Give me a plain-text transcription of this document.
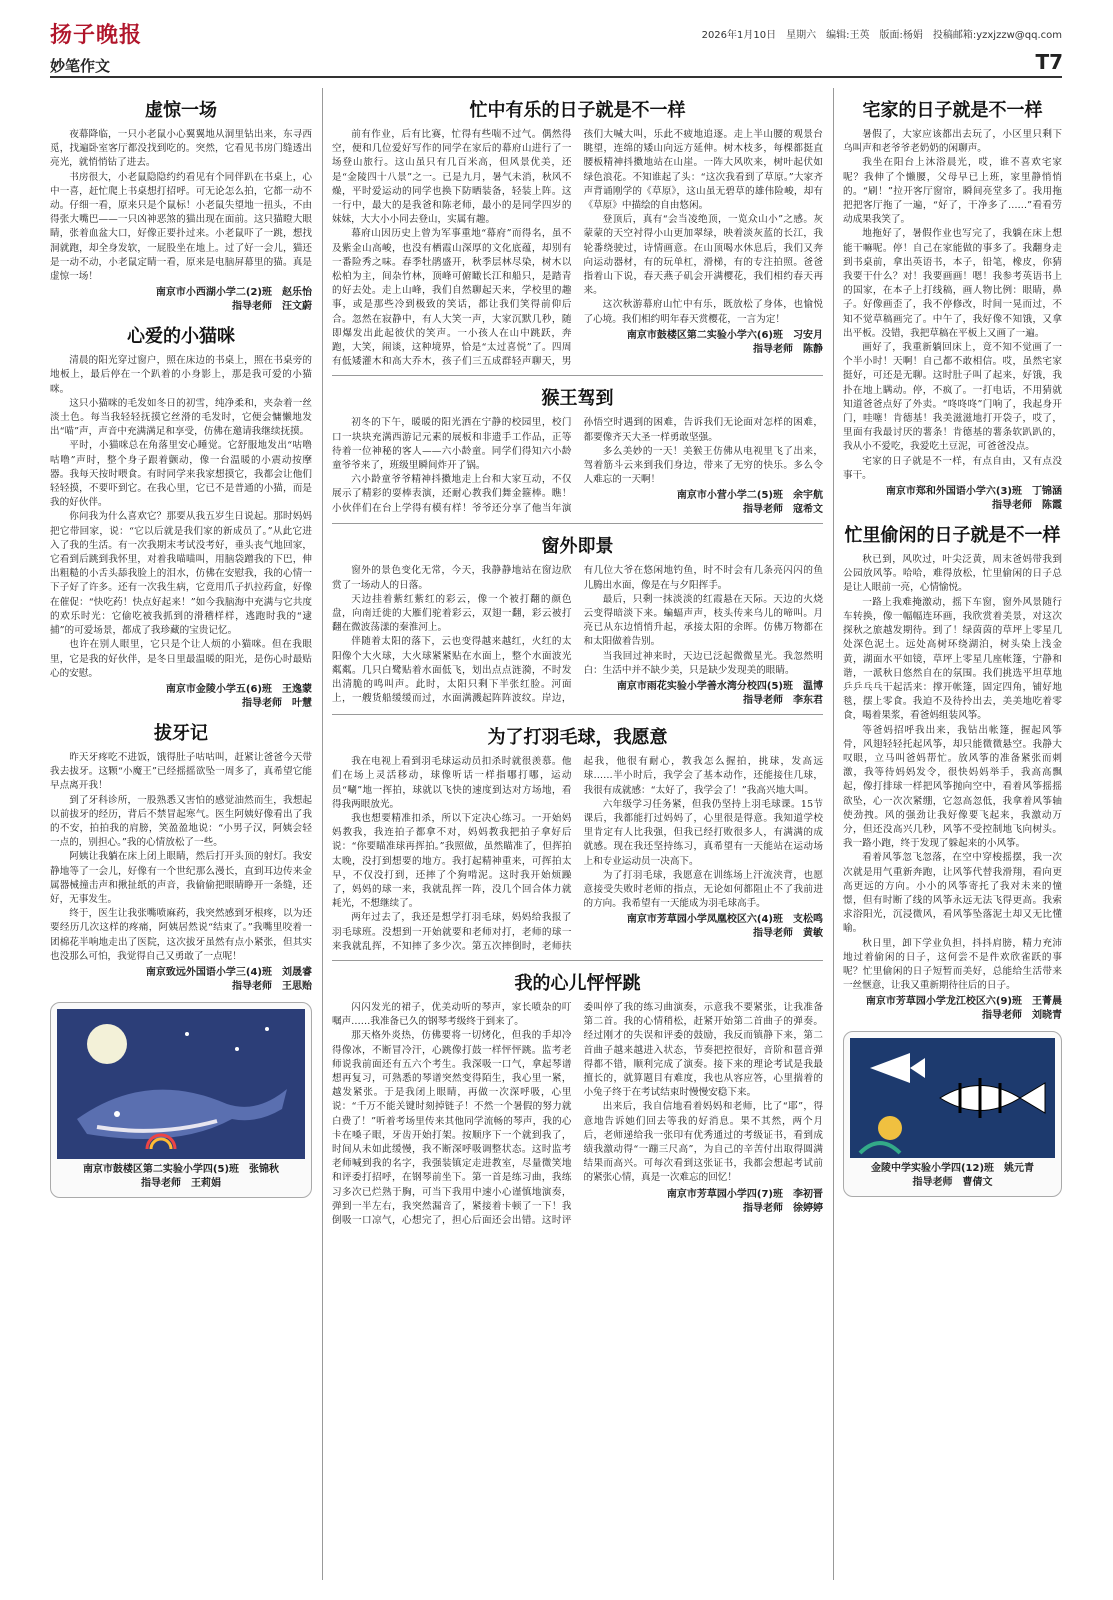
扬子晚报	2026年1月10日　星期六　编辑:王英　版面:杨娟　投稿邮箱:yzxjzzw@qq.com
妙笔作文	T7
虚惊一场

夜幕降临，一只小老鼠小心翼翼地从洞里钻出来，东寻西觅，找遍卧室客厅都没找到吃的。突然，它看见书房门缝透出亮光，就悄悄钻了进去。

书房很大，小老鼠隐隐约约看见有个同伴趴在书桌上，心中一喜，赶忙爬上书桌想打招呼。可无论怎么拍，它都一动不动。仔细一看，原来只是个鼠标！小老鼠失望地一扭头，不由得张大嘴巴——一只凶神恶煞的猫出现在面前。这只猫瞪大眼睛，张着血盆大口，好像正要扑过来。小老鼠吓了一跳，想找洞就跑，却全身发软，一屁股坐在地上。过了好一会儿，猫还是一动不动，小老鼠定睛一看，原来是电脑屏幕里的猫。真是虚惊一场！

南京市小西湖小学二(2)班　赵乐怡
指导老师　汪文蔚
心爱的小猫咪

清晨的阳光穿过窗户，照在床边的书桌上，照在书桌旁的地板上，最后停在一个趴着的小身影上，那是我可爱的小猫咪。

这只小猫咪的毛发如冬日的初雪，纯净柔和，夹杂着一丝淡土色。每当我轻轻抚摸它丝滑的毛发时，它便会慵懒地发出“喵”声，声音中充满满足和享受，仿佛在邀请我继续抚摸。

平时，小猫咪总在角落里安心睡觉。它舒服地发出“咕噜咕噜”声时，整个身子跟着颤动，像一台温暖的小震动按摩器。我每天按时喂食。有时同学来我家想摸它，我都会让他们轻轻摸，不要吓到它。在我心里，它已不是普通的小猫，而是我的好伙伴。

你问我为什么喜欢它？那要从我五岁生日说起。那时妈妈把它带回家，说：“它以后就是我们家的新成员了。”从此它进入了我的生活。有一次我期末考试没考好，垂头丧气地回家，它看到后跳到我怀里，对着我喵喵叫，用脑袋蹭我的下巴，伸出粗糙的小舌头舔我脸上的泪水，仿佛在安慰我，我的心情一下子好了许多。还有一次我生病，它竟用爪子扒拉药盒，好像在催促：“快吃药！快点好起来！”如今我脑海中充满与它共度的欢乐时光：它偷吃被我抓到的滑稽样样，逃跑时我的“逮捕”的可爱场景，都成了我珍藏的宝贵记忆。

也许在别人眼里，它只是个让人烦的小猫咪。但在我眼里，它是我的好伙伴，是冬日里最温暖的阳光，是伤心时最贴心的安慰。

南京市金陵小学五(6)班　王逸蒙
指导老师　叶慧
拔牙记

昨天牙疼吃不进饭，饿得肚子咕咕叫，赶紧让爸爸今天带我去拔牙。这颗“小魔王”已经摇摇欲坠一周多了，真希望它能早点离开我！

到了牙科诊所，一股熟悉又害怕的感觉油然而生，我想起以前拔牙的经历，背后不禁冒起寒气。医生阿姨好像看出了我的不安，拍拍我的肩膀，笑盈盈地说：“小男子汉，阿姨会轻一点的，别担心。”我的心情放松了一些。

阿姨让我躺在床上闭上眼睛，然后打开头顶的射灯。我安静地等了一会儿，好像有一个世纪那么漫长，直到耳边传来金属器械撞击声和揪扯纸的声音，我偷偷把眼睛睁开一条缝，还好，无事发生。

终于，医生让我张嘴喷麻药，我突然感到牙根疼，以为还要经历几次这样的疼痛，阿姨居然说“结束了。”我嘴里咬着一团棉花半响地走出了医院，这次拔牙虽然有点小紧张，但其实也没那么可怕，我觉得自己又勇敢了一点呢！

南京致远外国语小学三(4)班　刘晟睿
指导老师　王思贻
南京市鼓楼区第二实验小学四(5)班　张锦秋
指导老师　王莉娟
忙中有乐的日子就是不一样

前有作业，后有比赛，忙得有些喘不过气。偶然得空，便和几位爱好写作的同学在家后的幕府山进行了一场登山旅行。这山虽只有几百米高，但风景优美，还是“金陵四十八景”之一。已是九月，暑气未消，秋风不燥，平时爱运动的同学也换下防晒装备，轻装上阵。这一行中，最大的是我爸和陈老师，最小的是同学四岁的妹妹，大大小小同去登山，实属有趣。

幕府山因历史上曾为军事重地“幕府”而得名，虽不及紫金山高峻，也没有栖霞山深厚的文化底蕴，却别有一番险秀之味。春季牡鹃盛开，秋季层林尽染，树木以松柏为主，间杂竹林，顶峰可俯瞰长江和船只，是踏青的好去处。走上山峰，我们自然聊起天来，学校里的趣事，或是那些冷到极致的笑话，都让我们笑得前仰后合。忽然在寂静中，有人大笑一声，大家沉默几秒，随即爆发出此起彼伏的笑声。一小孩人在山中跳跃，奔跑，大笑，闹谈，这种境界，恰是“太过喜悦”了。四周有低矮灌木和高大乔木，孩子们三五成群轻声聊天，男孩们大喊大叫，乐此不疲地追逐。走上半山腰的观景台眺望，连绵的矮山向远方延伸。树木枝多，每棵都挺直腰板精神抖擞地站在山崖。一阵大风吹来，树叶起伏如绿色浪花。不知谁起了头：“这次我看到了草原。”大家齐声背诵刚学的《草原》，这山虽无碧草的雄伟险峻，却有《草原》中描绘的自由悠闲。

登顶后，真有“会当凌绝顶，一览众山小”之感。灰蒙蒙的天空衬得小山更加翠绿，映着淡灰蓝的长江，我轮番绕驶过，诗情画意。在山顶喝水休息后，我们又奔向运动器材，有的玩单杠，滑梯，有的专注拍照。爸爸指着山下说，春天燕子矶会开满樱花，我们相约春天再来。

这次秋游幕府山忙中有乐，既放松了身体，也愉悦了心境。我们相约明年春天赏樱花，一言为定！

南京市鼓楼区第二实验小学六(6)班　习安月
指导老师　陈静
猴王驾到

初冬的下午，暖暖的阳光洒在宁静的校园里，校门口一块块充满西游记元素的展板和非遗手工作品，正等待着一位神秘的客人——六小龄童。同学们得知六小龄童爷爷来了，班级里瞬间炸开了锅。

六小龄童爷爷精神抖擞地走上台和大家互动，不仅展示了精彩的耍棒表演，还耐心教我们舞金箍棒。瞧！小伙伴们在台上学得有模有样！爷爷还分享了他当年演孙悟空时遇到的困难，告诉我们无论面对怎样的困难，都要像齐天大圣一样勇敢坚强。

多么美妙的一天！美猴王仿佛从电视里飞了出来，驾着筋斗云来到我们身边，带来了无穷的快乐。多么令人难忘的一天啊！

南京市小营小学二(5)班　余宇航
指导老师　寇希文
窗外即景

窗外的景色变化无常，今天，我静静地站在窗边欣赏了一场动人的日落。

天边挂着紫红紫红的彩云，像一个被打翻的颜色盘，向南迁徙的大雁们驼着彩云，双翅一翻，彩云被打翻在微波荡漾的秦淮河上。

伴随着太阳的落下，云也变得越来越红，火红的太阳像个大火球，大火球紧紧贴在水面上，整个水面波光粼粼。几只白鹭贴着水面低飞，划出点点涟漪，不时发出清脆的鸣叫声。此时，太阳只剩下半张红脸。河面上，一艘货船缓缓而过，水面满溅起阵阵波纹。岸边，有几位大爷在悠闲地钓鱼，时不时会有几条亮闪闪的鱼儿腾出水面，像是在与夕阳挥手。

最后，只剩一抹淡淡的红霞悬在天际。天边的火烧云变得暗淡下来。蝙蝠声声，枝头传来乌儿的啼叫。月亮已从东边悄悄升起，承接太阳的余晖。仿佛万物都在和太阳做着告别。

当我回过神来时，天边已泛起微微星光。我忽然明白：生活中并不缺少美，只是缺少发现美的眼睛。

南京市雨花实验小学善水湾分校四(5)班　温博
指导老师　李东君
为了打羽毛球，我愿意

我在电视上看到羽毛球运动员扣杀时就很羡慕。他们在场上灵活移动，球像听话一样指哪打哪，运动员“唰”地一挥拍，球就以飞快的速度到达对方场地，看得我两眼放光。

我也想要精准扣杀，所以下定决心练习。一开始妈妈教我，我连拍子都拿不对，妈妈教我把拍子拿好后说：“你要瞄准球再挥拍。”我照做，虽然瞄准了，但挥拍太晚，没打到想要的地方。我打起精神重来，可挥拍太早，不仅没打到，还摔了个狗啃泥。这时我开始烦躁了，妈妈的球一来，我就乱挥一阵，没几个回合体力就耗光，不想继续了。

两年过去了，我还是想学打羽毛球，妈妈给我报了羽毛球班。没想到一开始就要和老师对打，老师的球一来我就乱挥，不知摔了多少次。第五次摔倒时，老师扶起我，他很有耐心，教我怎么握拍，挑球，发高远球……半小时后，我学会了基本动作，还能接住几球，我很有成就感：“太好了，我学会了！”我高兴地大叫。

六年级学习任务紧，但我仍坚持上羽毛球课。15节课后，我都能打过妈妈了，心里很是得意。我知道学校里肯定有人比我强，但我已经打败很多人，有满满的成就感。现在我还坚持练习，真希望有一天能站在运动场上和专业运动员一决高下。

为了打羽毛球，我愿意在训练场上汗流浃背，也愿意接受失败时老师的指点，无论如何都阻止不了我前进的方向。我希望有一天能成为羽毛球高手。

南京市芳草园小学凤凰校区六(4)班　支松鸣
指导老师　黄敏
我的心儿怦怦跳

闪闪发光的裙子，优美动听的琴声，家长喷杂的叮嘱声……我准备已久的钢琴考级终于到来了。

那天格外炎热，仿佛要将一切烤化，但我的手却冷得像冰，不断冒冷汗，心跳像打鼓一样怦怦跳。监考老师说我前面还有五六个考生。我深吸一口气，拿起琴谱想再复习，可熟悉的琴谱突然变得陌生，我心里一紧，越发紧张。于是我闭上眼睛，再做一次深呼吸，心里说：“千万不能关键时刻掉链子！不然一个暑假的努力就白费了！”听着考场里传来其他同学流畅的琴声，我的心卡在嗓子眼，牙齿开始打架。按顺序下一个就到我了，时间从未如此缓慢，我不断深呼吸调整状态。这时监考老师喊到我的名字，我强装镇定走进教室，尽量微笑地和评委打招呼，在钢琴前坐下。第一首是练习曲，我练习多次已烂熟于胸，可当下我用中速小心谨慎地演奏，弹到一半左右，我突然漏音了，紧接着卡顿了一下！我倒吸一口凉气，心想完了，担心后面还会出错。这时评委叫停了我的练习曲演奏，示意我不要紧张，让我准备第二首。我的心情稍松，赶紧开始第二首曲子的弹奏。经过刚才的失误和评委的鼓励，我反而镇静下来，第二首曲子越来越进入状态，节奏把控很好，音阶和琶音弹得都不错，顺利完成了演奏。接下来的理论考试是我最擅长的，就算题目有难度，我也从容应答，心里揣着的小兔子终于在考试结束时慢慢安稳下来。

出来后，我自信地看着妈妈和老师，比了“耶”，得意地告诉她们回去等我的好消息。果不其然，两个月后，老师递给我一张印有优秀通过的考级证书，看到成绩我激动得“一蹦三尺高”，为自己的辛苦付出取得圆满结果而高兴。可每次看到这张证书，我都会想起考试前的紧张心情，真是一次难忘的回忆！

南京市芳草园小学四(7)班　李初晋
指导老师　徐婷婷
宅家的日子就是不一样

暑假了，大家应该都出去玩了，小区里只剩下乌叫声和老爷爷老奶奶的闲聊声。

我坐在阳台上沐浴晨光，哎，谁不喜欢宅家呢？我伸了个懒腰，父母早已上班，家里静悄悄的。“刷！”拉开客厅窗帘，瞬间亮堂多了。我用拖把把客厅拖了一遍，“好了，干净多了……”看看劳动成果我笑了。

地拖好了，暑假作业也写完了，我躺在床上想能干嘛呢。停！自己在家能做的事多了。我翻身走到书桌前，拿出英语书，本子，铅笔，橡皮，你猜我要干什么？对！我要画画！嗯！我参考英语书上的国家，在本子上打线稿，画人物比例：眼睛，鼻子。好像画歪了，我不停修改，时间一晃而过，不知不觉草稿画完了。中午了，我好像不知饿，又拿出平板。没错，我把草稿在平板上又画了一遍。

画好了，我重新躺回床上，竟不知不觉画了一个半小时！天啊！自己都不敢相信。哎，虽然宅家挺好，可还是无聊。这时肚子叫了起来，好饿，我扑在地上瞒动。停，不疯了。一打电话，不用猜就知道爸爸点好了外卖。“咚咚咚”门响了，我起身开门，哇噻！肯德基！我美滋滋地打开袋子，哎了，里面有我最讨厌的薯条！肯德基的薯条软趴趴的，我从小不爱吃，我爱吃土豆泥，可爸爸没点。

宅家的日子就是不一样，有点自由，又有点没事干。

南京市郑和外国语小学六(3)班　丁锦涵
指导老师　陈霞
忙里偷闲的日子就是不一样

秋已到，风吹过，叶尖泛黄，周末爸妈带我到公园放风筝。哈哈，难得放松，忙里偷闲的日子总是让人眼前一亮，心情愉悦。

一路上我难掩激动，摇下车窗，窗外风景随行车转换，像一幅幅连环画，我欣赏着美景，对这次探秋之旅越发期待。到了！绿茵茵的草坪上零星几处深色泥土。远处高树环绕湖泊，树头染上浅金黄，湖面水平如镜，草坪上零星几座帐篷，宁静和谐，一派秋日悠然自在的氛围。我们挑选平坦草地乒乒乓乓干起活来：撑开帐篷，固定四角，铺好地毯，摆上零食。我迫不及待拎出去，美美地吃着零食，喝着果浆，看爸妈组装风筝。

等爸妈招呼我出来，我钻出帐篷，握起风筝骨，风翅轻轻托起风筝，却只能微微悬空。我静大叹眼，立马叫爸妈帮忙。放风筝的准备紧张而刺激，我等待妈妈发令，很快妈妈举手，我高高飘起，像打排球一样把风筝抛向空中，看着风筝摇摇欲坠，心一次次紧绷，它忽高忽低，我拿着风筝轴使劲拽。风的强劲让我好像要飞起来，我激动万分，但还没高兴几秒，风筝不受控制地飞向树头。我一路小跑，终于发现了躲起来的小风筝。

看着风筝忽飞忽落，在空中穿梭摇摆，我一次次就是用气重新奔跑，让风筝代替我滑翔，看向更高更远的方向。小小的风筝寄托了我对未来的憧憬，但有时断了线的风筝永远无法飞得更高。我索求浴阳光，沉浸微风，看风筝坠落泥土却又无比懂喻。

秋日里，卸下学业负担，抖抖肩膀，精力充沛地过着偷闲的日子，这何尝不是件欢欣雀跃的事呢？忙里偷闲的日子短暂而美好，总能给生活带来一丝惬意，让我又重新期待往后的日子。

南京市芳草园小学龙江校区六(9)班　王菁晨
指导老师　刘晓青
金陵中学实验小学四(12)班　姚元青
指导老师　曹倩文
